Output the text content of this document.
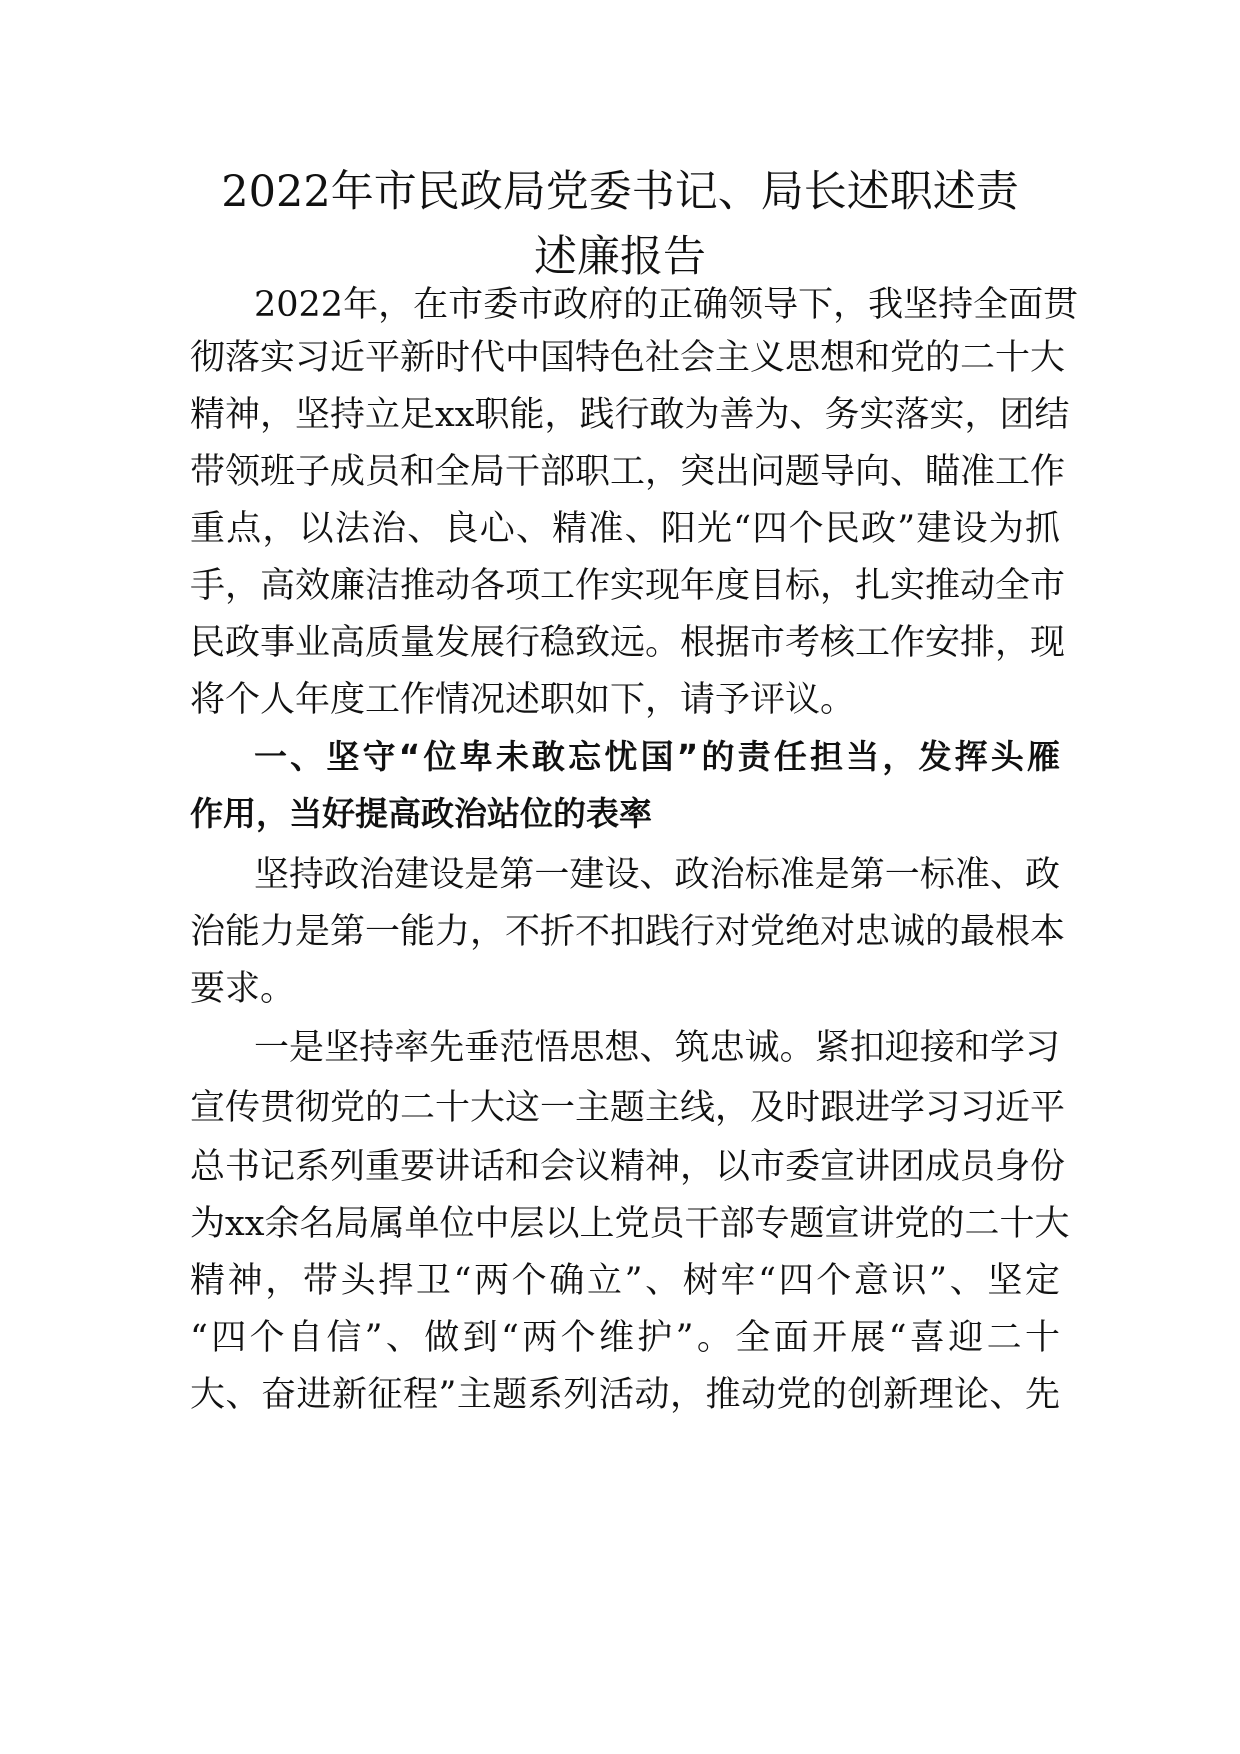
2022年市民政局党委书记、局长述职述责
述廉报告
2022年，在市委市政府的正确领导下，我坚持全面贯
彻落实习近平新时代中国特色社会主义思想和党的二十大
精神，坚持立足xx职能，践行敢为善为、务实落实，团结
带领班子成员和全局干部职工，突出问题导向、瞄准工作
重点，以法治、良心、精准、阳光“四个民政”建设为抓
手，高效廉洁推动各项工作实现年度目标，扎实推动全市
民政事业高质量发展行稳致远。根据市考核工作安排，现
将个人年度工作情况述职如下，请予评议。
一、坚守“位卑未敢忘忧国”的责任担当，发挥头雁
作用，当好提高政治站位的表率
坚持政治建设是第一建设、政治标准是第一标准、政
治能力是第一能力，不折不扣践行对党绝对忠诚的最根本
要求。
一是坚持率先垂范悟思想、筑忠诚。紧扣迎接和学习
宣传贯彻党的二十大这一主题主线，及时跟进学习习近平
总书记系列重要讲话和会议精神，以市委宣讲团成员身份
为xx余名局属单位中层以上党员干部专题宣讲党的二十大
精神，带头捍卫“两个确立”、树牢“四个意识”、坚定
“四个自信”、做到“两个维护”。全面开展“喜迎二十
大、奋进新征程”主题系列活动，推动党的创新理论、先
